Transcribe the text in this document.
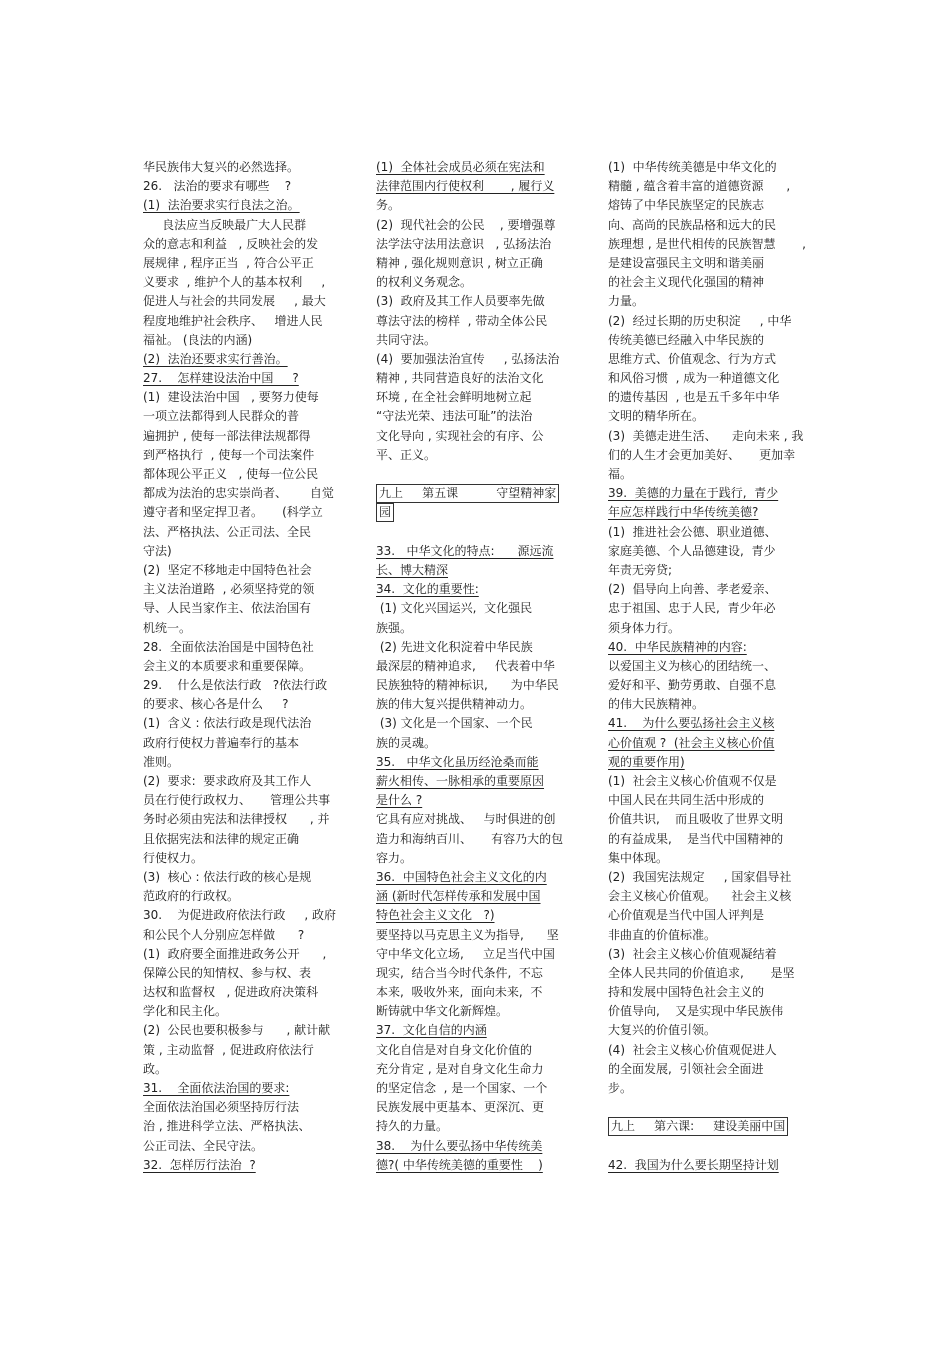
华民族伟大复兴的必然选择。
26.   法治的要求有哪些    ?
(1)  法治要求实行良法之治。
良法应当反映最广大人民群
众的意志和利益   , 反映社会的发
展规律 , 程序正当  , 符合公平正
义要求  , 维护个人的基本权利     ,
促进人与社会的共同发展     , 最大
程度地维护社会秩序、   增进人民
福祉。 (良法的内涵)
(2)  法治还要求实行善治。
27.    怎样建设法治中国     ?
(1)  建设法治中国   , 要努力使每
一项立法都得到人民群众的普
遍拥护 , 使每一部法律法规都得
到严格执行  , 使每一个司法案件
都体现公平正义   , 使每一位公民
都成为法治的忠实崇尚者、      自觉
遵守者和坚定捍卫者。     (科学立
法、严格执法、公正司法、全民
守法)
(2)  坚定不移地走中国特色社会
主义法治道路  , 必须坚持党的领
导、人民当家作主、依法治国有
机统一。
28.  全面依法治国是中国特色社
会主义的本质要求和重要保障。
29.    什么是依法行政   ?依法行政
的要求、核心各是什么     ?
(1)  含义 : 依法行政是现代法治
政府行使权力普遍奉行的基本
准则。
(2)  要求:  要求政府及其工作人
员在行使行政权力、     管理公共事
务时必须由宪法和法律授权      , 并
且依据宪法和法律的规定正确
行使权力。
(3)  核心 : 依法行政的核心是规
范政府的行政权。
30.    为促进政府依法行政     , 政府
和公民个人分别应怎样做      ?
(1)  政府要全面推进政务公开      ,
保障公民的知情权、参与权、表
达权和监督权   , 促进政府决策科
学化和民主化。
(2)  公民也要积极参与      , 献计献
策 , 主动监督  , 促进政府依法行
政。
31.    全面依法治国的要求:
全面依法治国必须坚持厉行法
治 , 推进科学立法、严格执法、
公正司法、全民守法。
32.  怎样厉行法治  ?
(1)  全体社会成员必须在宪法和
法律范围内行使权利       , 履行义
务。
(2)  现代社会的公民    , 要增强尊
法学法守法用法意识   , 弘扬法治
精神 , 强化规则意识 , 树立正确
的权利义务观念。
(3)  政府及其工作人员要率先做
尊法守法的榜样  , 带动全体公民
共同守法。
(4)  要加强法治宣传     , 弘扬法治
精神 , 共同营造良好的法治文化
环境 , 在全社会鲜明地树立起
“守法光荣、违法可耻”的法治
文化导向 , 实现社会的有序、公
平、正义。
九上     第五课          守望精神家
园
33.   中华文化的特点:      源远流
长、博大精深
34.  文化的重要性:
(1) 文化兴国运兴,  文化强民
族强。
(2) 先进文化积淀着中华民族
最深层的精神追求,     代表着中华
民族独特的精神标识,      为中华民
族的伟大复兴提供精神动力。
(3) 文化是一个国家、一个民
族的灵魂。
35.   中华文化虽历经沧桑而能
薪火相传、一脉相承的重要原因
是什么 ?
它具有应对挑战、   与时俱进的创
造力和海纳百川、     有容乃大的包
容力。
36.  中国特色社会主义文化的内
涵 (新时代怎样传承和发展中国
特色社会主义文化   ?)
要坚持以马克思主义为指导,      坚
守中华文化立场,     立足当代中国
现实,  结合当今时代条件,  不忘
本来,  吸收外来,  面向未来,  不
断铸就中华文化新辉煌。
37.  文化自信的内涵
文化自信是对自身文化价值的
充分肯定 , 是对自身文化生命力
的坚定信念  , 是一个国家、一个
民族发展中更基本、更深沉、更
持久的力量。
38.    为什么要弘扬中华传统美
德?( 中华传统美德的重要性    )
(1)  中华传统美德是中华文化的
精髓 , 蕴含着丰富的道德资源      ,
熔铸了中华民族坚定的民族志
向、高尚的民族品格和远大的民
族理想 , 是世代相传的民族智慧       ,
是建设富强民主文明和谐美丽
的社会主义现代化强国的精神
力量。
(2)  经过长期的历史积淀     , 中华
传统美德已经融入中华民族的
思维方式、价值观念、行为方式
和风俗习惯  , 成为一种道德文化
的遗传基因  , 也是五千多年中华
文明的精华所在。
(3)  美德走进生活、    走向未来 , 我
们的人生才会更加美好、     更加幸
福。
39.  美德的力量在于践行,  青少
年应怎样践行中华传统美德?
(1)  推进社会公德、职业道德、
家庭美德、个人品德建设,  青少
年责无旁贷;
(2)  倡导向上向善、孝老爱亲、
忠于祖国、忠于人民,  青少年必
须身体力行。
40.  中华民族精神的内容:
以爱国主义为核心的团结统一、
爱好和平、勤劳勇敢、自强不息
的伟大民族精神。
41.    为什么要弘扬社会主义核
心价值观 ?  (社会主义核心价值
观的重要作用)
(1)  社会主义核心价值观不仅是
中国人民在共同生活中形成的
价值共识,    而且吸收了世界文明
的有益成果,    是当代中国精神的
集中体现。
(2)  我国宪法规定     , 国家倡导社
会主义核心价值观。    社会主义核
心价值观是当代中国人评判是
非曲直的价值标准。
(3)  社会主义核心价值观凝结着
全体人民共同的价值追求,       是坚
持和发展中国特色社会主义的
价值导向,    又是实现中华民族伟
大复兴的价值引领。
(4)  社会主义核心价值观促进人
的全面发展,  引领社会全面进
步。
九上     第六课:     建设美丽中国
42.  我国为什么要长期坚持计划
